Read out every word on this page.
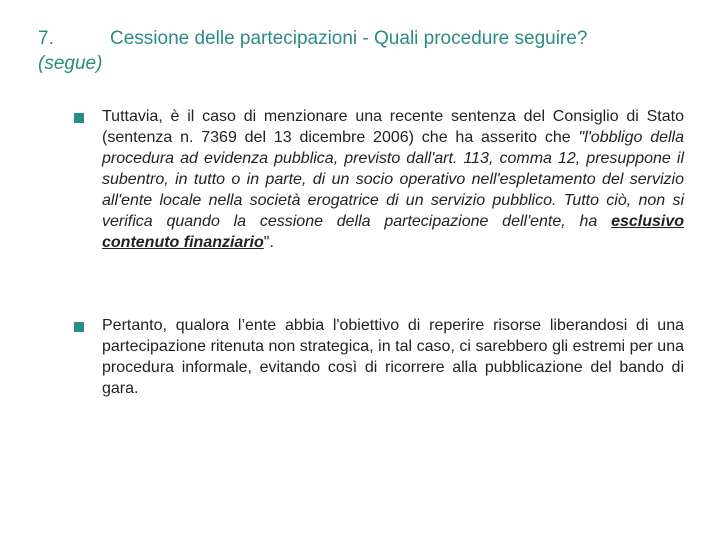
7.	Cessione delle partecipazioni - Quali procedure seguire?
(segue)
Tuttavia, è il caso di menzionare una recente sentenza del Consiglio di Stato (sentenza n. 7369 del 13 dicembre 2006) che ha asserito che "l'obbligo della procedura ad evidenza pubblica, previsto dall'art. 113, comma 12, presuppone il subentro, in tutto o in parte, di un socio operativo nell'espletamento del servizio all'ente locale nella società erogatrice di un servizio pubblico. Tutto ciò, non si verifica quando la cessione della partecipazione dell'ente, ha esclusivo contenuto finanziario".
Pertanto, qualora l’ente abbia l'obiettivo di reperire risorse liberandosi di una partecipazione ritenuta non strategica, in tal caso, ci sarebbero gli estremi per una procedura informale, evitando così di ricorrere alla pubblicazione del bando di gara.
